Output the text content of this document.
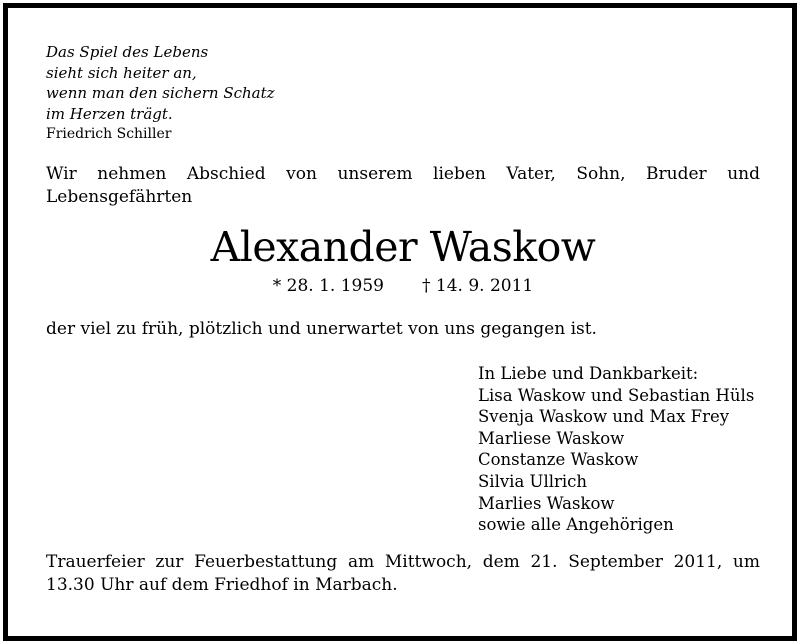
Das Spiel des Lebens
sieht sich heiter an,
wenn man den sichern Schatz
im Herzen trägt.
Friedrich Schiller
Wir nehmen Abschied von unserem lieben Vater, Sohn, Bruder und Lebensgefährten
Alexander Waskow
* 28. 1. 1959 † 14. 9. 2011
der viel zu früh, plötzlich und unerwartet von uns gegangen ist.
In Liebe und Dankbarkeit:
Lisa Waskow und Sebastian Hüls
Svenja Waskow und Max Frey
Marliese Waskow
Constanze Waskow
Silvia Ullrich
Marlies Waskow
sowie alle Angehörigen
Trauerfeier zur Feuerbestattung am Mittwoch, dem 21. September 2011, um 13.30 Uhr auf dem Friedhof in Marbach.
